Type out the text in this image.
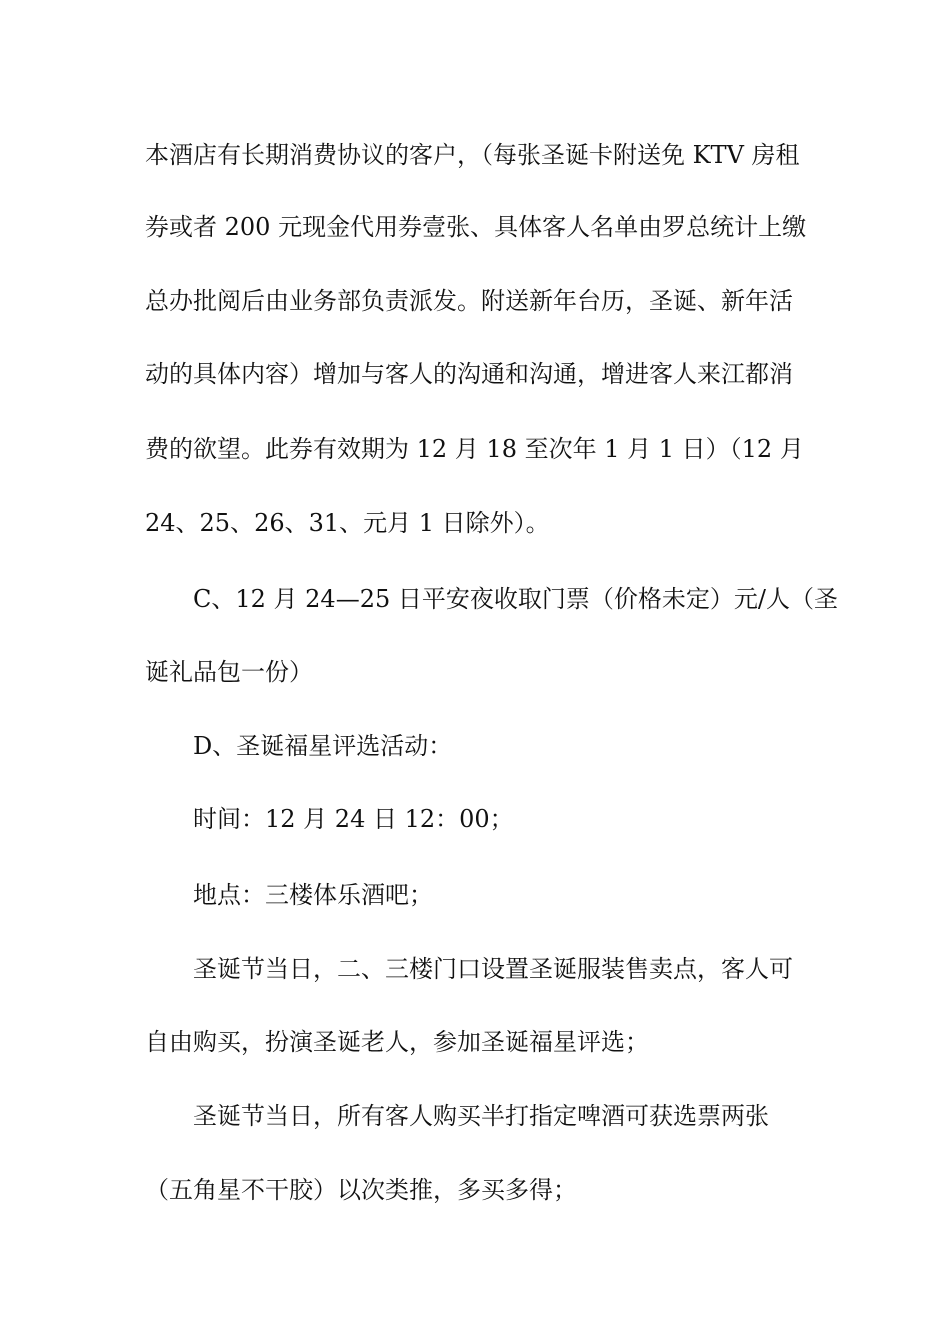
本酒店有长期消费协议的客户，（每张圣诞卡附送免 KTV 房租
券或者 200 元现金代用券壹张、具体客人名单由罗总统计上缴
总办批阅后由业务部负责派发。附送新年台历，圣诞、新年活
动的具体内容）增加与客人的沟通和沟通，增进客人来江都消
费的欲望。此券有效期为 12 月 18 至次年 1 月 1 日）（12 月
24、25、26、31、元月 1 日除外）。
C、12 月 24—25 日平安夜收取门票（价格未定）元/人（圣
诞礼品包一份）
D、圣诞福星评选活动：
时间：12 月 24 日 12：00；
地点：三楼体乐酒吧；
圣诞节当日，二、三楼门口设置圣诞服装售卖点，客人可
自由购买，扮演圣诞老人，参加圣诞福星评选；
圣诞节当日，所有客人购买半打指定啤酒可获选票两张
（五角星不干胶）以次类推，多买多得；
